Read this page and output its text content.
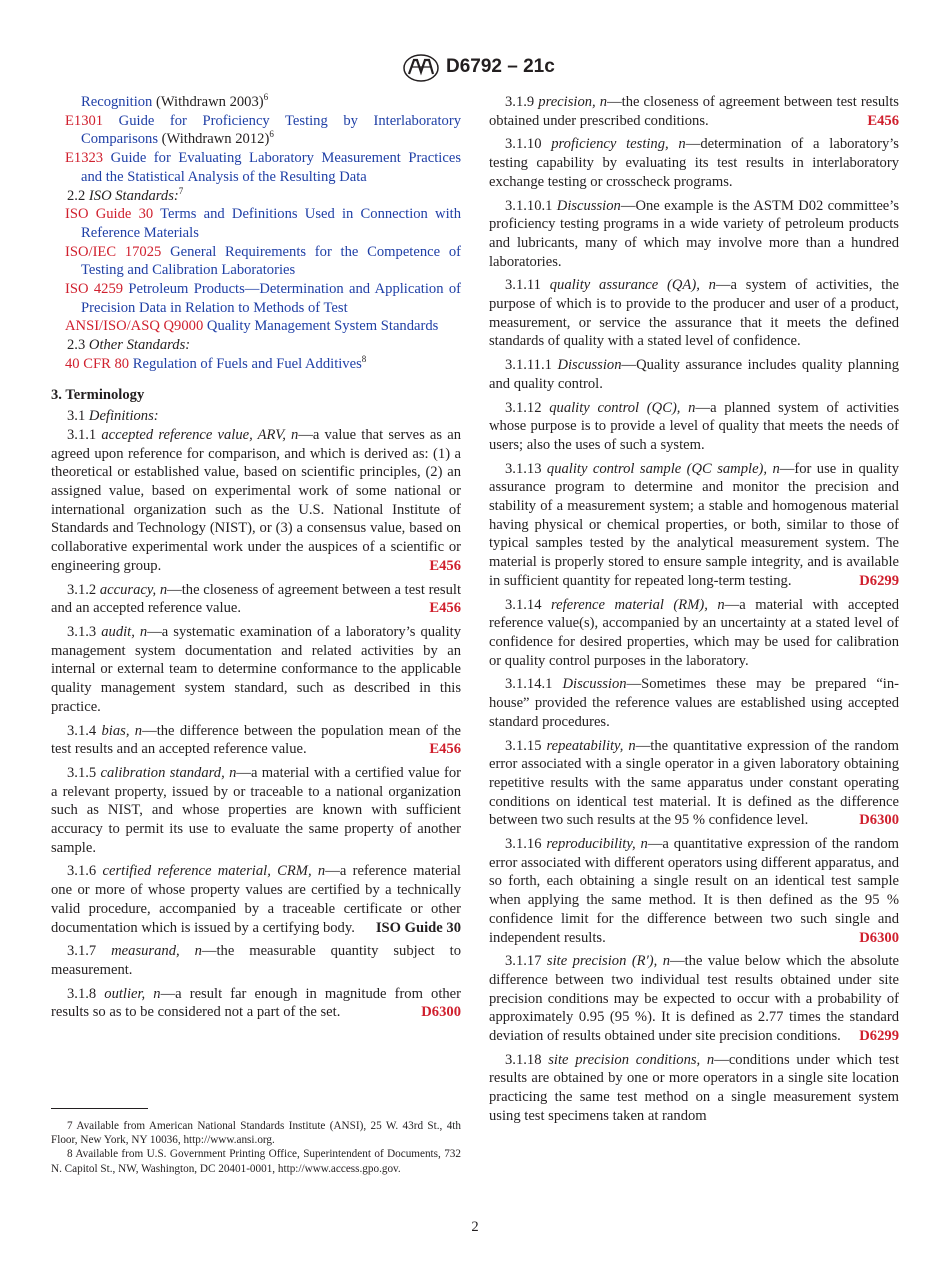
D6792 – 21c

Recognition (Withdrawn 2003)$^6$

E1301 Guide for Proficiency Testing by Interlaboratory Comparisons (Withdrawn 2012)$^6$

E1323 Guide for Evaluating Laboratory Measurement Practices and the Statistical Analysis of the Resulting Data

2.2 ISO Standards:$^7$

ISO Guide 30 Terms and Definitions Used in Connection with Reference Materials

ISO/IEC 17025 General Requirements for the Competence of Testing and Calibration Laboratories

ISO 4259 Petroleum Products—Determination and Application of Precision Data in Relation to Methods of Test

ANSI/ISO/ASQ Q9000 Quality Management System Standards

2.3 Other Standards:

40 CFR 80 Regulation of Fuels and Fuel Additives$^8$

3. Terminology

3.1 Definitions:

3.1.1 accepted reference value, ARV, n—a value that serves as an agreed upon reference for comparison, and which is derived as: (1) a theoretical or established value, based on scientific principles, (2) an assigned value, based on experimental work of some national or international organization such as the U.S. National Institute of Standards and Technology (NIST), or (3) a consensus value, based on collaborative experimental work under the auspices of a scientific or engineering group.	E456

3.1.2 accuracy, n—the closeness of agreement between a test result and an accepted reference value.	E456

3.1.3 audit, n—a systematic examination of a laboratory’s quality management system documentation and related activities by an internal or external team to determine conformance to the applicable quality management system standard, such as described in this practice.

3.1.4 bias, n—the difference between the population mean of the test results and an accepted reference value.	E456

3.1.5 calibration standard, n—a material with a certified value for a relevant property, issued by or traceable to a national organization such as NIST, and whose properties are known with sufficient accuracy to permit its use to evaluate the same property of another sample.

3.1.6 certified reference material, CRM, n—a reference material one or more of whose property values are certified by a technically valid procedure, accompanied by a traceable certificate or other documentation which is issued by a certifying body.	ISO Guide 30

3.1.7 measurand, n—the measurable quantity subject to measurement.

3.1.8 outlier, n—a result far enough in magnitude from other results so as to be considered not a part of the set.	D6300

3.1.9 precision, n—the closeness of agreement between test results obtained under prescribed conditions.	E456

3.1.10 proficiency testing, n—determination of a laboratory’s testing capability by evaluating its test results in interlaboratory exchange testing or crosscheck programs.

3.1.10.1 Discussion—One example is the ASTM D02 committee’s proficiency testing programs in a wide variety of petroleum products and lubricants, many of which may involve more than a hundred laboratories.

3.1.11 quality assurance (QA), n—a system of activities, the purpose of which is to provide to the producer and user of a product, measurement, or service the assurance that it meets the defined standards of quality with a stated level of confidence.

3.1.11.1 Discussion—Quality assurance includes quality planning and quality control.

3.1.12 quality control (QC), n—a planned system of activities whose purpose is to provide a level of quality that meets the needs of users; also the uses of such a system.

3.1.13 quality control sample (QC sample), n—for use in quality assurance program to determine and monitor the precision and stability of a measurement system; a stable and homogenous material having physical or chemical properties, or both, similar to those of typical samples tested by the analytical measurement system. The material is properly stored to ensure sample integrity, and is available in sufficient quantity for repeated long-term testing.	D6299

3.1.14 reference material (RM), n—a material with accepted reference value(s), accompanied by an uncertainty at a stated level of confidence for desired properties, which may be used for calibration or quality control purposes in the laboratory.

3.1.14.1 Discussion—Sometimes these may be prepared “in-house” provided the reference values are established using accepted standard procedures.

3.1.15 repeatability, n—the quantitative expression of the random error associated with a single operator in a given laboratory obtaining repetitive results with the same apparatus under constant operating conditions on identical test material. It is defined as the difference between two such results at the 95 % confidence level.	D6300

3.1.16 reproducibility, n—a quantitative expression of the random error associated with different operators using different apparatus, and so forth, each obtaining a single result on an identical test sample when applying the same method. It is then defined as the 95 % confidence limit for the difference between two such single and independent results.	D6300

3.1.17 site precision (R′), n—the value below which the absolute difference between two individual test results obtained under site precision conditions may be expected to occur with a probability of approximately 0.95 (95 %). It is defined as 2.77 times the standard deviation of results obtained under site precision conditions.	D6299

3.1.18 site precision conditions, n—conditions under which test results are obtained by one or more operators in a single site location practicing the same test method on a single measurement system using test specimens taken at random

7 Available from American National Standards Institute (ANSI), 25 W. 43rd St., 4th Floor, New York, NY 10036, http://www.ansi.org.

8 Available from U.S. Government Printing Office, Superintendent of Documents, 732 N. Capitol St., NW, Washington, DC 20401-0001, http://www.access.gpo.gov.

2
